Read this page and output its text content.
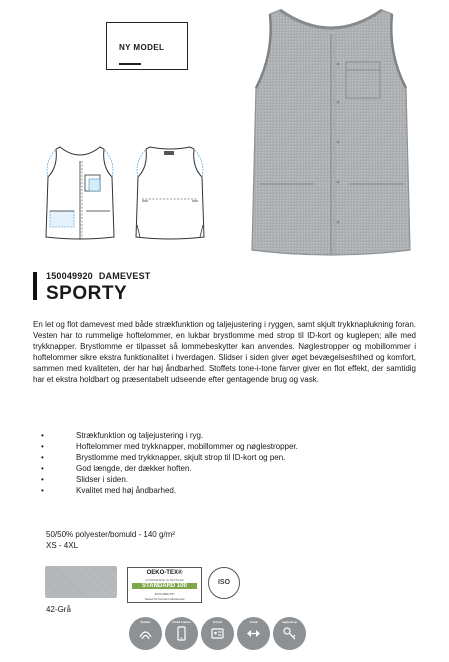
NY MODEL
150049920 DAMEVEST
SPORTY

En let og flot damevest med både strækfunktion og taljejustering i ryggen, samt skjult trykknaplukning foran. Vesten har to rummelige hoftelommer, en lukbar brystlomme med strop til ID-kort og kuglepen; alle med trykknapper. Brystlomme er tilpasset så lommebeskytter kan anvendes. Nøglestropper og mobillommer i hoftelommer sikre ekstra funktionalitet i hverdagen. Slidser i siden giver øget bevægelsesfrihed og komfort, sammen med kvaliteten, der har høj åndbarhed. Stoffets tone-i-tone farver giver en flot effekt, der samtidig har et ekstra holdbart og præsentabelt udseende efter gentagende brug og vask.

• Strækfunktion og taljejustering i ryg.
• Hoftelommer med trykknapper, mobillommer og nøglestropper.
• Brystlomme med trykknapper, skjult strop til ID-kort og pen.
• God længde, der dækker hoften.
• Slidser i siden.
• Kvalitet med høj åndbarhed.
50/50% polyester/bomuld - 140 g/m²
XS - 4XL
42-Grå
OEKO-TEX®
CONFIDENCE IN TEXTILES
STANDARD 100
2076-3566 DTI
Tested for harmful substances
ISO
åndbar	mobil lomme	id-kort	stræk	nøglestrop
